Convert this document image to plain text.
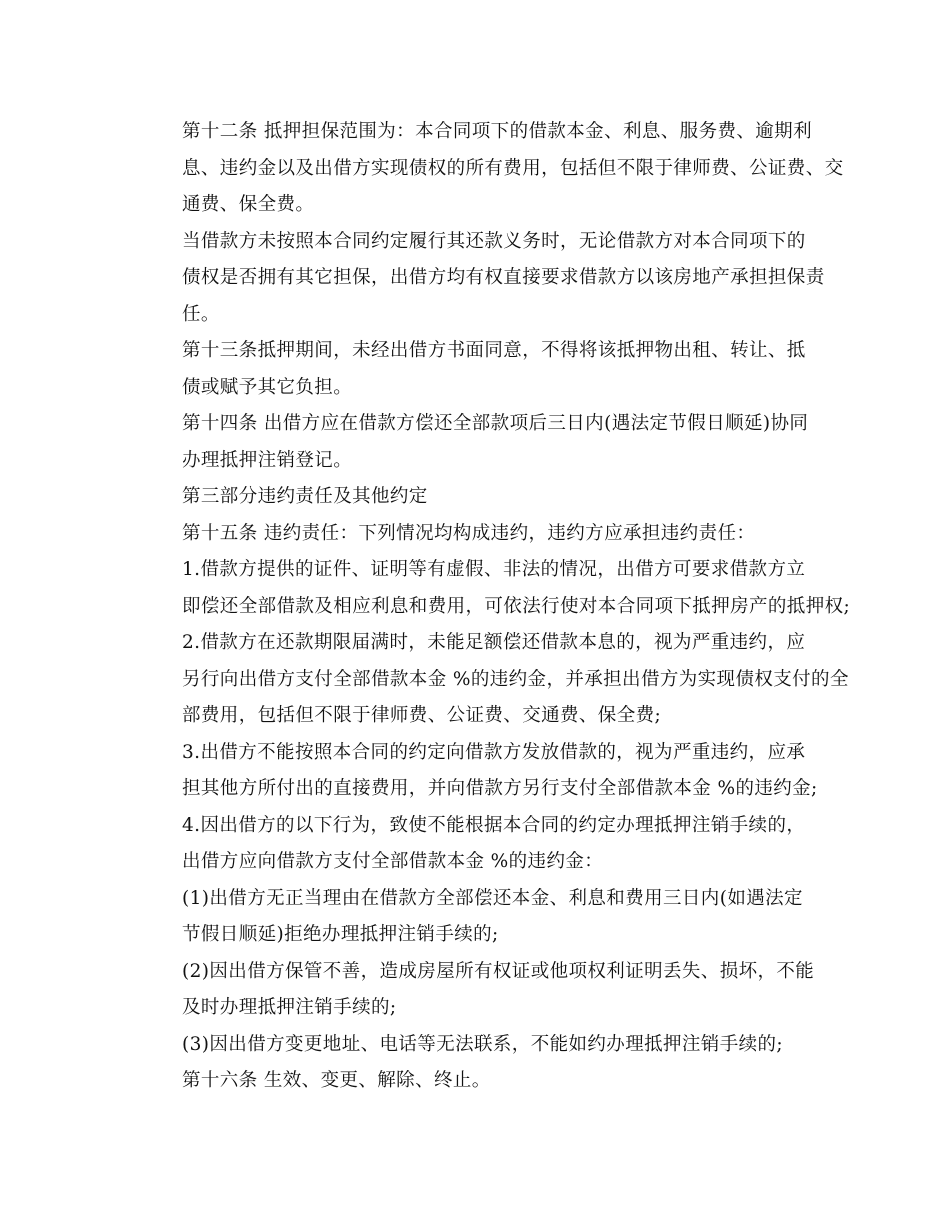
第十二条 抵押担保范围为：本合同项下的借款本金、利息、服务费、逾期利
息、违约金以及出借方实现债权的所有费用，包括但不限于律师费、公证费、交
通费、保全费。

当借款方未按照本合同约定履行其还款义务时，无论借款方对本合同项下的
债权是否拥有其它担保，出借方均有权直接要求借款方以该房地产承担担保责
任。

第十三条抵押期间，未经出借方书面同意，不得将该抵押物出租、转让、抵
债或赋予其它负担。

第十四条 出借方应在借款方偿还全部款项后三日内(遇法定节假日顺延)协同
办理抵押注销登记。

第三部分违约责任及其他约定

第十五条 违约责任：下列情况均构成违约，违约方应承担违约责任：

1.借款方提供的证件、证明等有虚假、非法的情况，出借方可要求借款方立
即偿还全部借款及相应利息和费用，可依法行使对本合同项下抵押房产的抵押权;

2.借款方在还款期限届满时，未能足额偿还借款本息的，视为严重违约，应
另行向出借方支付全部借款本金 %的违约金，并承担出借方为实现债权支付的全
部费用，包括但不限于律师费、公证费、交通费、保全费;

3.出借方不能按照本合同的约定向借款方发放借款的，视为严重违约，应承
担其他方所付出的直接费用，并向借款方另行支付全部借款本金 %的违约金;

4.因出借方的以下行为，致使不能根据本合同的约定办理抵押注销手续的，
出借方应向借款方支付全部借款本金 %的违约金：

(1)出借方无正当理由在借款方全部偿还本金、利息和费用三日内(如遇法定
节假日顺延)拒绝办理抵押注销手续的;

(2)因出借方保管不善，造成房屋所有权证或他项权利证明丢失、损坏，不能
及时办理抵押注销手续的;

(3)因出借方变更地址、电话等无法联系，不能如约办理抵押注销手续的;

第十六条 生效、变更、解除、终止。
